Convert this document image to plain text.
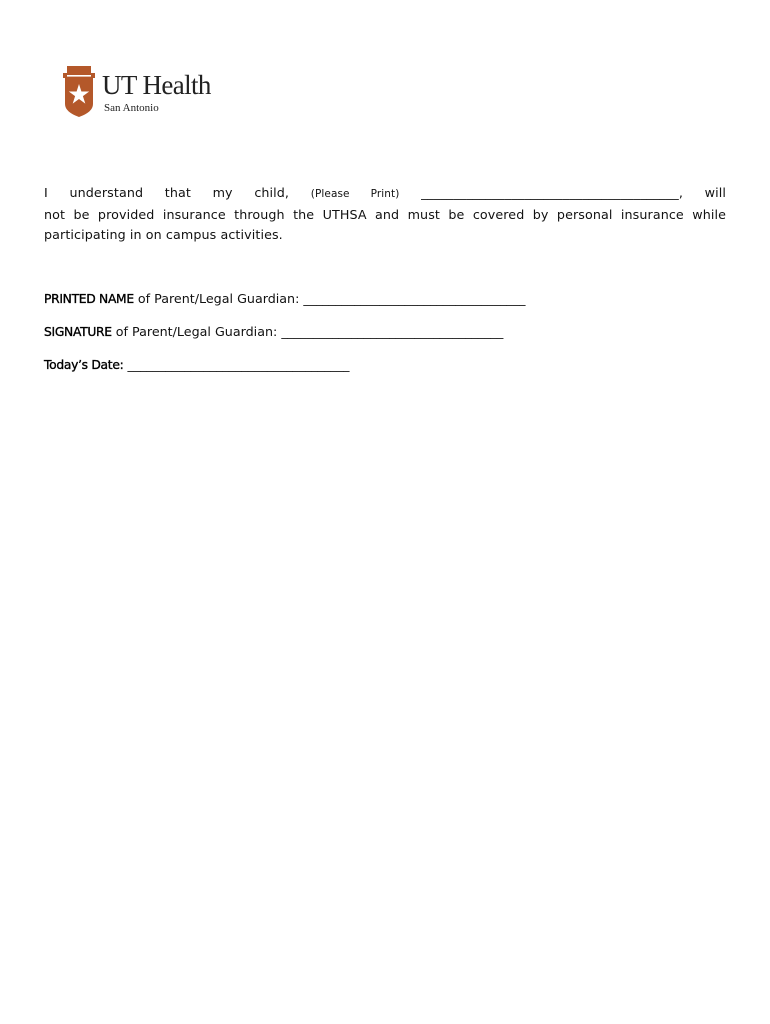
UT Health
San Antonio
I understand that my child, (Please Print) ________________________________________, will
not be provided insurance through the UTHSA and must be covered by personal insurance while participating in on campus activities.
PRINTED NAME of Parent/Legal Guardian: ___________________________________
SIGNATURE of Parent/Legal Guardian: ___________________________________
Today’s Date: ___________________________________
